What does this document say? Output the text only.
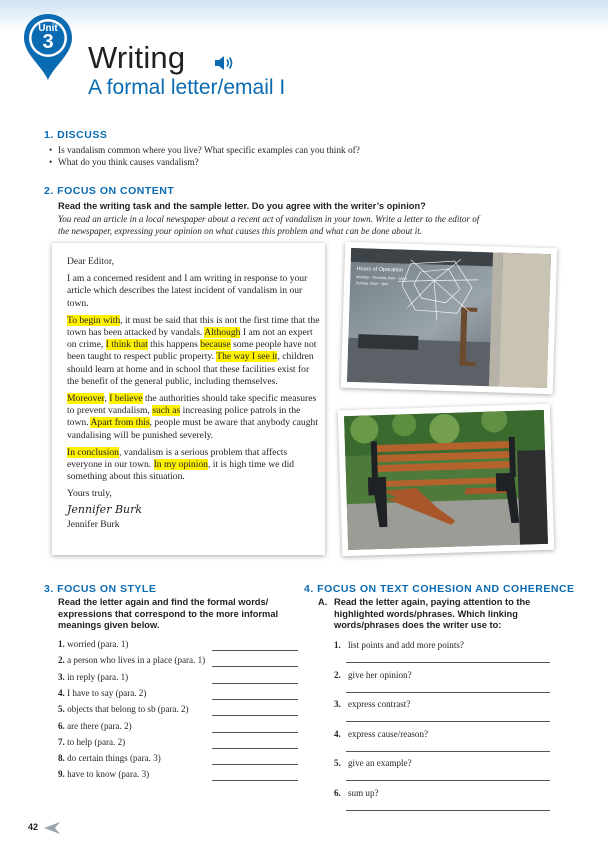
Unit
3	Writing
A formal letter/email I
1. DISCUSS
• Is vandalism common where you live? What specific examples can you think of?
• What do you think causes vandalism?
2. FOCUS ON CONTENT
Read the writing task and the sample letter. Do you agree with the writer’s opinion?
You read an article in a local newspaper about a recent act of vandalism in your town. Write a letter to the editor of the newspaper, expressing your opinion on what causes this problem and what can be done about it.

Dear Editor,

I am a concerned resident and I am writing in response to your article which describes the latest incident of vandalism in our town.

To begin with, it must be said that this is not the first time that the town has been attacked by vandals. Although I am not an expert on crime, I think that this happens because some people have not been taught to respect public property. The way I see it, children should learn at home and in school that these facilities exist for the benefit of the general public, including themselves.

Moreover, I believe the authorities should take specific measures to prevent vandalism, such as increasing police patrols in the town. Apart from this, people must be aware that anybody caught vandalising will be punished severely.

In conclusion, vandalism is a serious problem that affects everyone in our town. In my opinion, it is high time we did something about this situation.

Yours truly,

Jennifer Burk

Jennifer Burk

Hours of Operation
Monday - Thursday 8am - 10pm
Sunday 10am - 6pm
3. FOCUS ON STYLE
Read the letter again and find the formal words/ expressions that correspond to the more informal meanings given below.
1. worried (para. 1)
2. a person who lives in a place (para. 1)
3. in reply (para. 1)
4. I have to say (para. 2)
5. objects that belong to sb (para. 2)
6. are there (para. 2)
7. to help (para. 2)
8. do certain things (para. 3)
9. have to know (para. 3)
4. FOCUS ON TEXT COHESION AND COHERENCE
A. Read the letter again, paying attention to the highlighted words/phrases. Which linking words/phrases does the writer use to:
1. list points and add more points?
2. give her opinion?
3. express contrast?
4. express cause/reason?
5. give an example?
6. sum up?
42
